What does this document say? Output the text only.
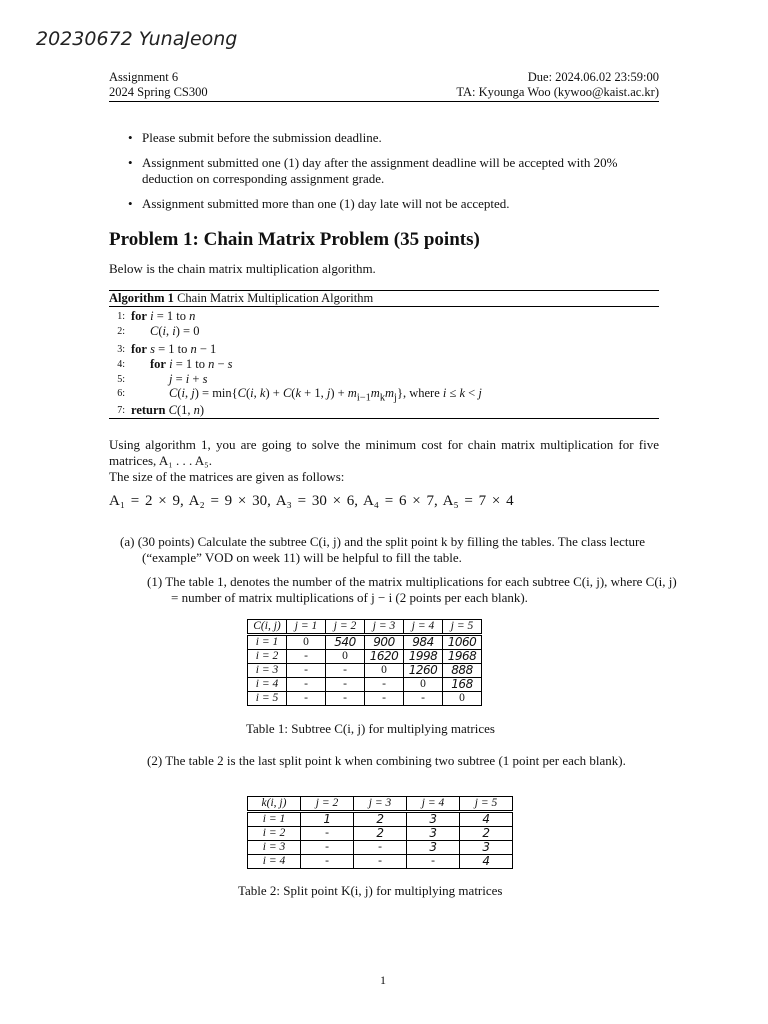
20230672 YunaJeong
Assignment 6	Due: 2024.06.02 23:59:00
2024 Spring CS300	TA: Kyounga Woo (kywoo@kaist.ac.kr)
• Please submit before the submission deadline.
• Assignment submitted one (1) day after the assignment deadline will be accepted with 20% deduction on corresponding assignment grade.
• Assignment submitted more than one (1) day late will not be accepted.
Problem 1: Chain Matrix Problem (35 points)
Below is the chain matrix multiplication algorithm.
Algorithm 1 Chain Matrix Multiplication Algorithm
1: for i = 1 to n
2: C(i, i) = 0
3: for s = 1 to n − 1
4: for i = 1 to n − s
5:	j = i + s
6:	C(i, j) = min{C(i, k) + C(k + 1, $j) + m_{i-1}m_km_j$}, where i ≤ k < j
7: return C(1, n)
Using algorithm 1, you are going to solve the minimum cost for chain matrix multiplication for five matrices, A₁ . . . A₅.
The size of the matrices are given as follows:
A₁ = 2 × 9, A₂ = 9 × 30, A₃ = 30 × 6, A₄ = 6 × 7, A₅ = 7 × 4
(a) (30 points) Calculate the subtree C(i, j) and the split point k by filling the tables. The class lecture (“example” VOD on week 11) will be helpful to fill the table.
(1) The table 1, denotes the number of the matrix multiplications for each subtree C(i, j), where C(i, j) = number of matrix multiplications of j − i (2 points per each blank).
C(i, j)	j = 1	j = 2	j = 3	j = 4	j = 5
i = 1	0	540	900	984	1060
i = 2	-	0	1620	1998	1968
i = 3	-	-	0	1260	888
i = 4	-	-	-	0	168
i = 5	-	-	-	-	0
Table 1: Subtree C(i, j) for multiplying matrices
(2) The table 2 is the last split point k when combining two subtree (1 point per each blank).
k(i, j)	j = 2	j = 3	j = 4	j = 5
i = 1	1	2	3	4
i = 2	-	2	3	2
i = 3	-	-	3	3
i = 4	-	-	-	4
Table 2: Split point K(i, j) for multiplying matrices
1
